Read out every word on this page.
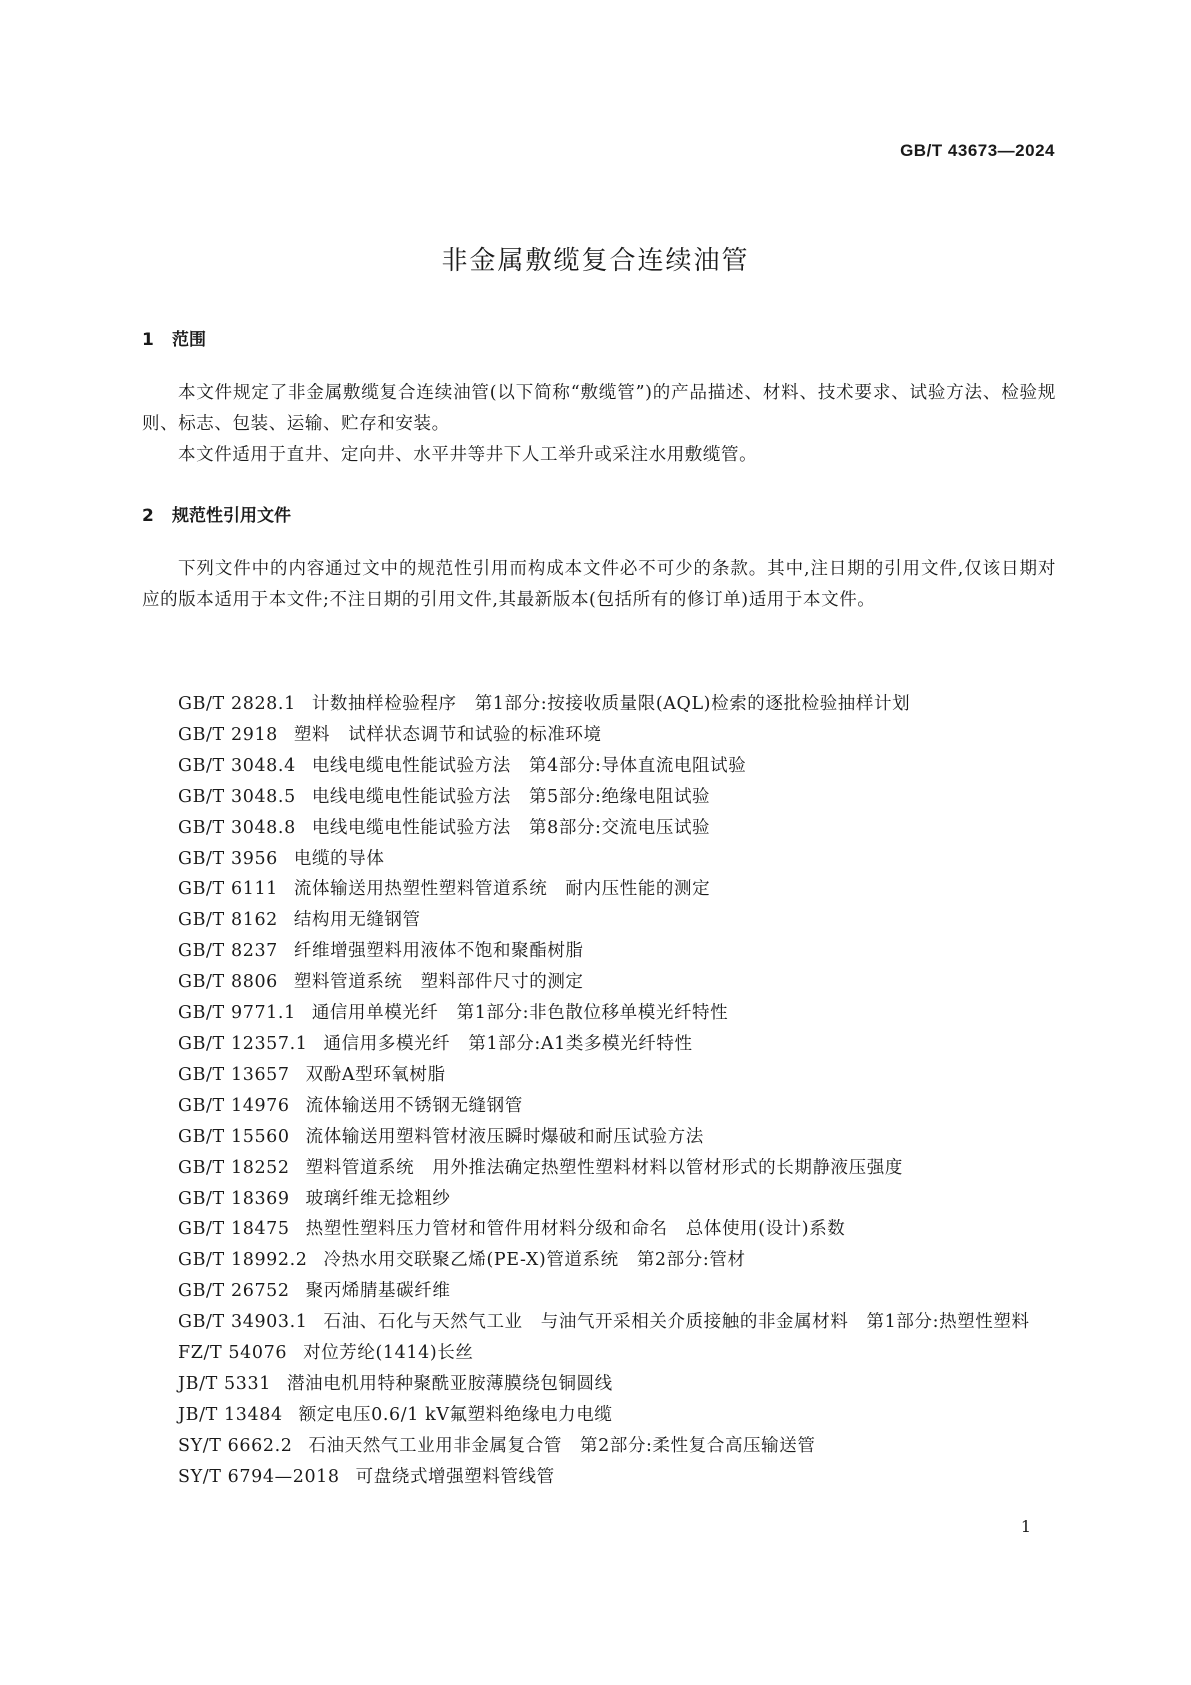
GB/T 43673—2024
非金属敷缆复合连续油管
1 范围

本文件规定了非金属敷缆复合连续油管(以下简称“敷缆管”)的产品描述、材料、技术要求、试验方法、检验规则、标志、包装、运输、贮存和安装。

本文件适用于直井、定向井、水平井等井下人工举升或采注水用敷缆管。

2 规范性引用文件

下列文件中的内容通过文中的规范性引用而构成本文件必不可少的条款。其中,注日期的引用文件,仅该日期对应的版本适用于本文件;不注日期的引用文件,其最新版本(包括所有的修订单)适用于本文件。

GB/T 2828.1 计数抽样检验程序　第1部分:按接收质量限(AQL)检索的逐批检验抽样计划
GB/T 2918 塑料　试样状态调节和试验的标准环境
GB/T 3048.4 电线电缆电性能试验方法　第4部分:导体直流电阻试验
GB/T 3048.5 电线电缆电性能试验方法　第5部分:绝缘电阻试验
GB/T 3048.8 电线电缆电性能试验方法　第8部分:交流电压试验
GB/T 3956 电缆的导体
GB/T 6111 流体输送用热塑性塑料管道系统　耐内压性能的测定
GB/T 8162 结构用无缝钢管
GB/T 8237 纤维增强塑料用液体不饱和聚酯树脂
GB/T 8806 塑料管道系统　塑料部件尺寸的测定
GB/T 9771.1 通信用单模光纤　第1部分:非色散位移单模光纤特性
GB/T 12357.1 通信用多模光纤　第1部分:A1类多模光纤特性
GB/T 13657 双酚A型环氧树脂
GB/T 14976 流体输送用不锈钢无缝钢管
GB/T 15560 流体输送用塑料管材液压瞬时爆破和耐压试验方法
GB/T 18252 塑料管道系统　用外推法确定热塑性塑料材料以管材形式的长期静液压强度
GB/T 18369 玻璃纤维无捻粗纱
GB/T 18475 热塑性塑料压力管材和管件用材料分级和命名　总体使用(设计)系数
GB/T 18992.2 冷热水用交联聚乙烯(PE-X)管道系统　第2部分:管材
GB/T 26752 聚丙烯腈基碳纤维
GB/T 34903.1 石油、石化与天然气工业　与油气开采相关介质接触的非金属材料　第1部分:热塑性塑料
FZ/T 54076 对位芳纶(1414)长丝
JB/T 5331 潜油电机用特种聚酰亚胺薄膜绕包铜圆线
JB/T 13484 额定电压0.6/1 kV氟塑料绝缘电力电缆
SY/T 6662.2 石油天然气工业用非金属复合管　第2部分:柔性复合高压输送管
SY/T 6794—2018 可盘绕式增强塑料管线管
1
